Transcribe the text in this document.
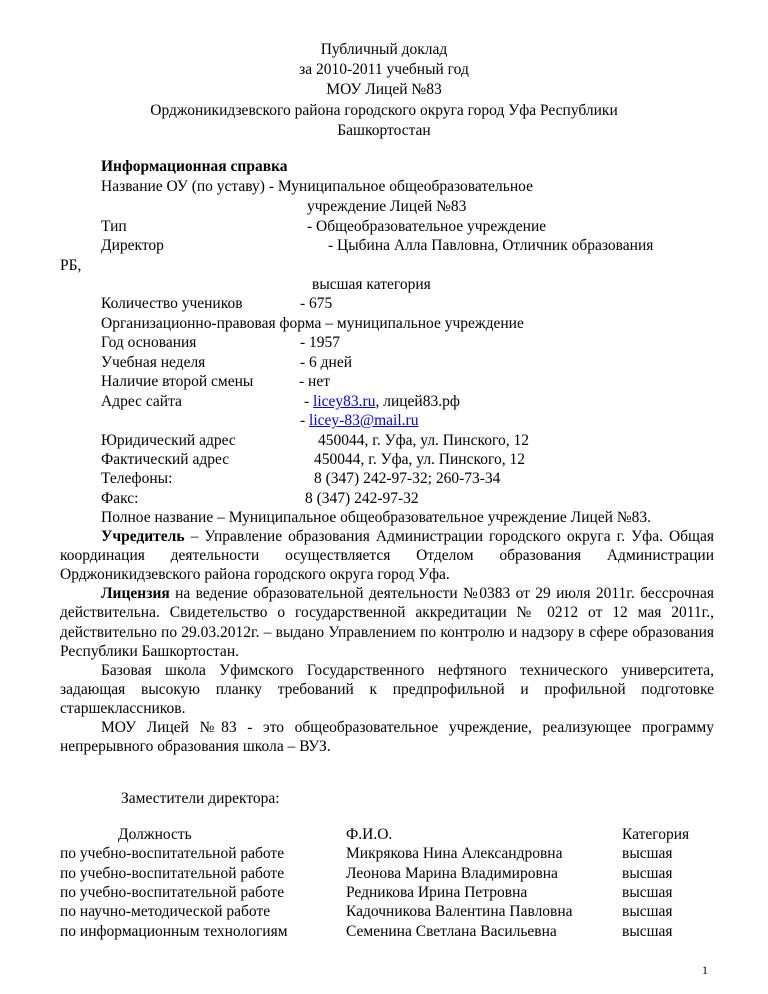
Публичный доклад
за 2010-2011 учебный год
МОУ Лицей №83
Орджоникидзевского района городского округа город Уфа Республики
Башкортостан
Информационная справка
Название ОУ (по уставу) - Муниципальное общеобразовательное
учреждение Лицей №83
Тип	- Общеобразовательное учреждение
Директор	- Цыбина Алла Павловна, Отличник образования
РБ,
высшая категория
Количество учеников	- 675
Организационно-правовая форма – муниципальное учреждение
Год основания	- 1957
Учебная неделя	- 6 дней
Наличие второй смены	- нет
Адрес сайта	- licey83.ru, лицей83.рф
- licey-83@mail.ru
Юридический адрес	450044, г. Уфа, ул. Пинского, 12
Фактический адрес	450044, г. Уфа, ул. Пинского, 12
Телефоны:	8 (347) 242-97-32; 260-73-34
Факс:	8 (347) 242-97-32

Полное название – Муниципальное общеобразовательное учреждение Лицей №83.

Учредитель – Управление образования Администрации городского округа г. Уфа. Общая координация деятельности осуществляется Отделом образования Администрации Орджоникидзевского района городского округа город Уфа.

Лицензия на ведение образовательной деятельности №0383 от 29 июля 2011г. бессрочная действительна. Свидетельство о государственной аккредитации № 0212 от 12 мая 2011г., действительно по 29.03.2012г. – выдано Управлением по контролю и надзору в сфере образования Республики Башкортостан.

Базовая школа Уфимского Государственного нефтяного технического университета, задающая высокую планку требований к предпрофильной и профильной подготовке старшеклассников.

МОУ Лицей №83 - это общеобразовательное учреждение, реализующее программу непрерывного образования школа – ВУЗ.

Заместители директора:
Должность	Ф.И.О.	Категория
по учебно-воспитательной работе	Микрякова Нина Александровна	высшая
по учебно-воспитательной работе	Леонова Марина Владимировна	высшая
по учебно-воспитательной работе	Редникова Ирина Петровна	высшая
по научно-методической работе	Кадочникова Валентина Павловна	высшая
по информационным технологиям	Семенина Светлана Васильевна	высшая
1
